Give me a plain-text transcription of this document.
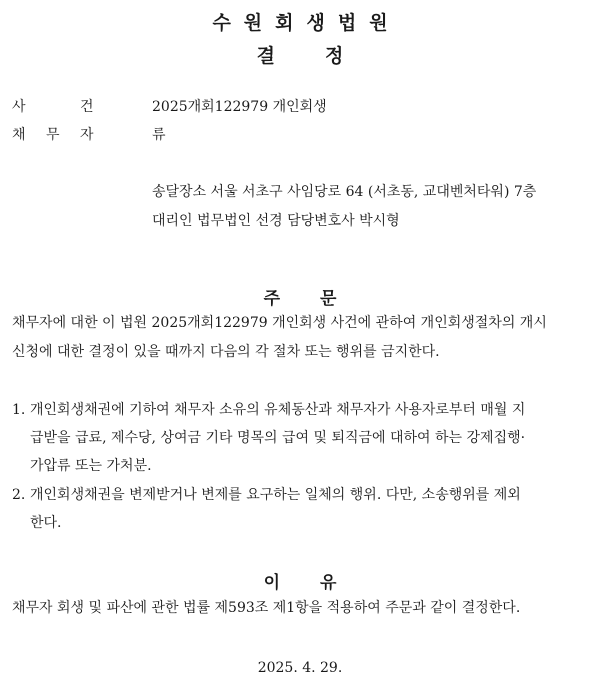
수원회생법원
결	정
사	건	2025개회122979 개인회생
채 무 자	류
송달장소 서울 서초구 사임당로 64 (서초동, 교대벤처타워) 7층
대리인 법무법인 선경 담당변호사 박시형
주 문
채무자에 대한 이 법원 2025개회122979 개인회생 사건에 관하여 개인회생절차의 개시
신청에 대한 결정이 있을 때까지 다음의 각 절차 또는 행위를 금지한다.
1. 개인회생채권에 기하여 채무자 소유의 유체동산과 채무자가 사용자로부터 매월 지
급받을 급료, 제수당, 상여금 기타 명목의 급여 및 퇴직금에 대하여 하는 강제집행·
가압류 또는 가처분.
2. 개인회생채권을 변제받거나 변제를 요구하는 일체의 행위. 다만, 소송행위를 제외
한다.
이 유
채무자 회생 및 파산에 관한 법률 제593조 제1항을 적용하여 주문과 같이 결정한다.
2025. 4. 29.
